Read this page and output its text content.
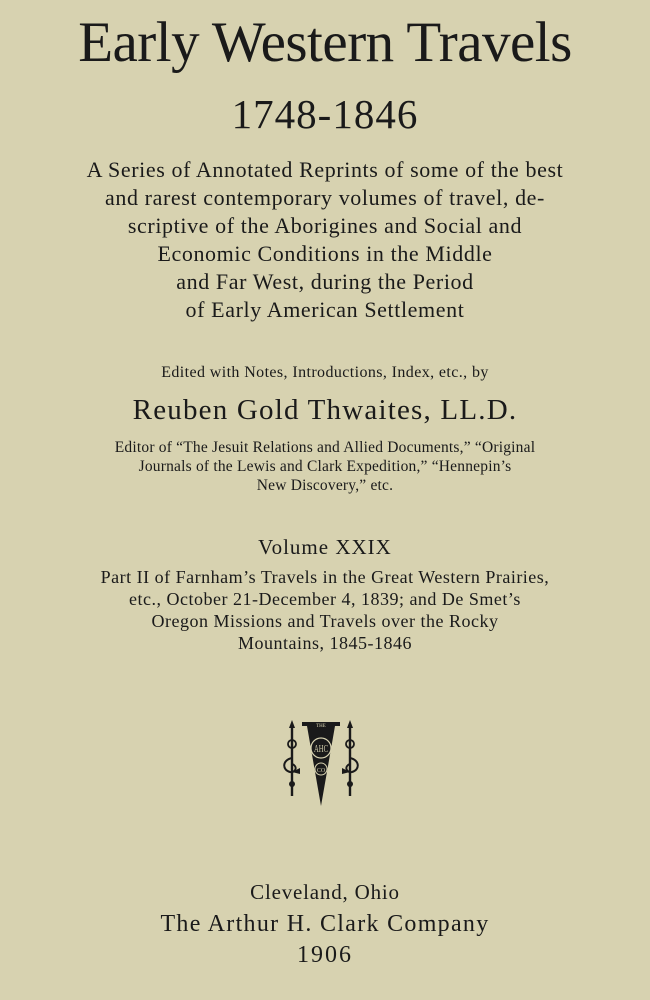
Early Western Travels
1748-1846
A Series of Annotated Reprints of some of the best
and rarest contemporary volumes of travel, de-
scriptive of the Aborigines and Social and
Economic Conditions in the Middle
and Far West, during the Period
of Early American Settlement
Edited with Notes, Introductions, Index, etc., by
Reuben Gold Thwaites, LL.D.
Editor of “The Jesuit Relations and Allied Documents,” “Original
Journals of the Lewis and Clark Expedition,” “Hennepin’s
New Discovery,” etc.
Volume XXIX
Part II of Farnham’s Travels in the Great Western Prairies,
etc., October 21-December 4, 1839; and De Smet’s
Oregon Missions and Travels over the Rocky
Mountains, 1845-1846
THE
AHC
CO
Cleveland, Ohio
The Arthur H. Clark Company
1906
